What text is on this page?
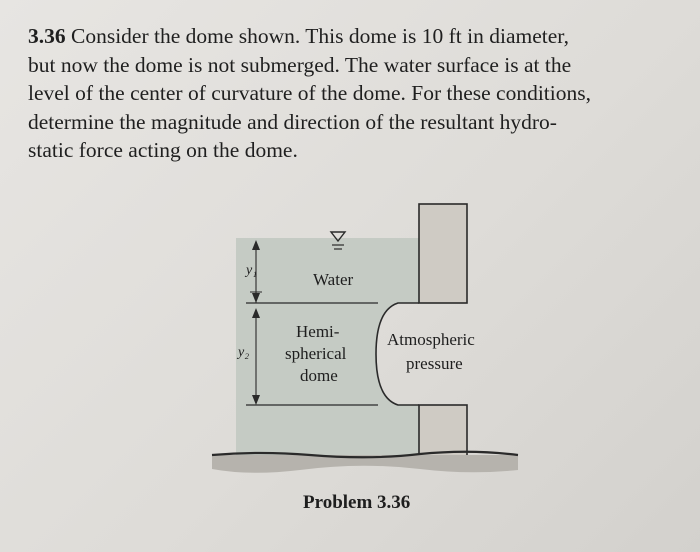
3.36 Consider the dome shown. This dome is 10 ft in diameter,
but now the dome is not submerged. The water surface is at the
level of the center of curvature of the dome. For these conditions,
determine the magnitude and direction of the resultant hydro-
static force acting on the dome.
y₁	Water
y₂
Hemi-
spherical
dome
Atmospheric
pressure
Problem 3.36
